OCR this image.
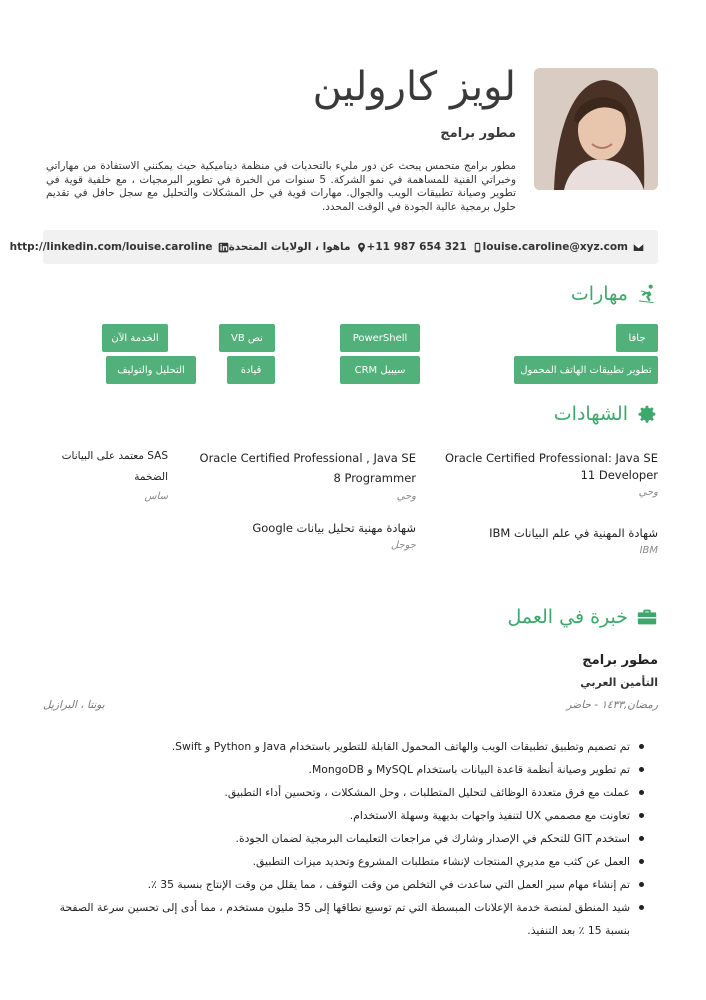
لويز كارولين
مطور برامج
مطور برامج متحمس يبحث عن دور مليء بالتحديات في منظمة ديناميكية حيث يمكنني الاستفادة من مهاراتي وخبراتي الفنية للمساهمة في نمو الشركة. 5 سنوات من الخبرة في تطوير البرمجيات ، مع خلفية قوية في تطوير وصيانة تطبيقات الويب والجوال. مهارات قوية في حل المشكلات والتحليل مع سجل حافل في تقديم حلول برمجية عالية الجودة في الوقت المحدد.
louise.caroline@xyz.com
+11 987 654 321
ماهوا ، الولايات المتحدة
http://linkedin.com/louise.caroline
مهارات
جافا
PowerShell
نص VB
الخدمة الآن
تطوير تطبيقات الهاتف المحمول
سيبيل CRM
قيادة
التحليل والتوليف
الشهادات
Oracle Certified Professional: Java SE 11 Developer
وحي
Oracle Certified Professional , Java SE 8 Programmer
وحي
SAS معتمد على البيانات الضخمة
ساس
شهادة المهنية في علم البيانات IBM
IBM
شهادة مهنية تحليل بيانات Google
جوجل
خبرة في العمل
مطور برامج
التأمين العربي
رمضان,١٤٣٣ - حاضر
بونتا ، البرازيل
تم تصميم وتطبيق تطبيقات الويب والهاتف المحمول القابلة للتطوير باستخدام Java و Python و Swift.
تم تطوير وصيانة أنظمة قاعدة البيانات باستخدام MySQL و MongoDB.
عملت مع فرق متعددة الوظائف لتحليل المتطلبات ، وحل المشكلات ، وتحسين أداء التطبيق.
تعاونت مع مصممي UX لتنفيذ واجهات بديهية وسهلة الاستخدام.
استخدم GIT للتحكم في الإصدار وشارك في مراجعات التعليمات البرمجية لضمان الجودة.
العمل عن كثب مع مديري المنتجات لإنشاء متطلبات المشروع وتحديد ميزات التطبيق.
تم إنشاء مهام سير العمل التي ساعدت في التخلص من وقت التوقف ، مما يقلل من وقت الإنتاج بنسبة 35 ٪.
شيد المنطق لمنصة خدمة الإعلانات المبسطة التي تم توسيع نطاقها إلى 35 مليون مستخدم ، مما أدى إلى تحسين سرعة الصفحة بنسبة 15 ٪ بعد التنفيذ.
